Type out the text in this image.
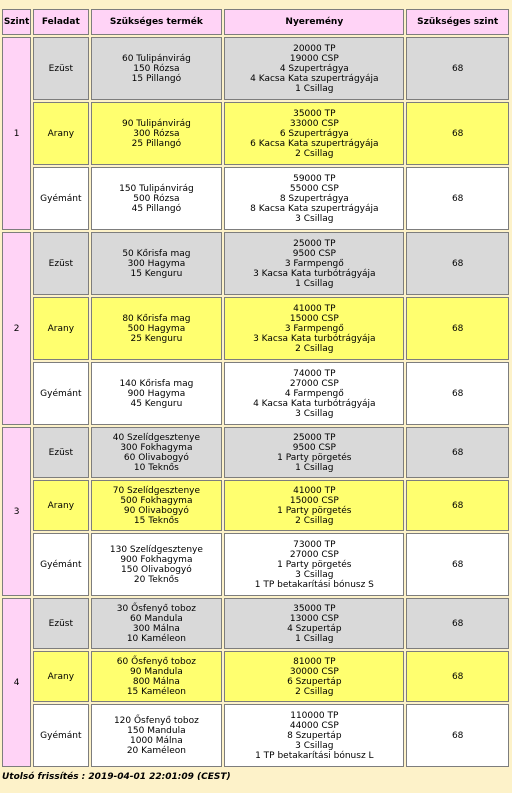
Szint	Feladat	Szükséges termék	Nyeremény	Szükséges szint
1	Ezüst	60 Tulipánvirág
150 Rózsa
15 Pillangó	20000 TP
19000 CSP
4 Szupertrágya
4 Kacsa Kata szupertrágyája
1 Csillag	68
	Arany	90 Tulipánvirág
300 Rózsa
25 Pillangó	35000 TP
33000 CSP
6 Szupertrágya
6 Kacsa Kata szupertrágyája
2 Csillag	68
	Gyémánt	150 Tulipánvirág
500 Rózsa
45 Pillangó	59000 TP
55000 CSP
8 Szupertrágya
8 Kacsa Kata szupertrágyája
3 Csillag	68
2	Ezüst	50 Kőrisfa mag
300 Hagyma
15 Kenguru	25000 TP
9500 CSP
3 Farmpengő
3 Kacsa Kata turbótrágyája
1 Csillag	68
	Arany	80 Kőrisfa mag
500 Hagyma
25 Kenguru	41000 TP
15000 CSP
3 Farmpengő
3 Kacsa Kata turbótrágyája
2 Csillag	68
	Gyémánt	140 Kőrisfa mag
900 Hagyma
45 Kenguru	74000 TP
27000 CSP
4 Farmpengő
4 Kacsa Kata turbótrágyája
3 Csillag	68
3	Ezüst	40 Szelídgesztenye
300 Fokhagyma
60 Olivabogyó
10 Teknős	25000 TP
9500 CSP
1 Party pörgetés
1 Csillag	68
	Arany	70 Szelídgesztenye
500 Fokhagyma
90 Olivabogyó
15 Teknős	41000 TP
15000 CSP
1 Party pörgetés
2 Csillag	68
	Gyémánt	130 Szelídgesztenye
900 Fokhagyma
150 Olivabogyó
20 Teknős	73000 TP
27000 CSP
1 Party pörgetés
3 Csillag
1 TP betakarítási bónusz S	68
4	Ezüst	30 Ősfenyő toboz
60 Mandula
300 Málna
10 Kaméleon	35000 TP
13000 CSP
4 Szupertáp
1 Csillag	68
	Arany	60 Ősfenyő toboz
90 Mandula
800 Málna
15 Kaméleon	81000 TP
30000 CSP
6 Szupertáp
2 Csillag	68
	Gyémánt	120 Ősfenyő toboz
150 Mandula
1000 Málna
20 Kaméleon	110000 TP
44000 CSP
8 Szupertáp
3 Csillag
1 TP betakarítási bónusz L	68
Utolsó frissítés : 2019-04-01 22:01:09 (CEST)
